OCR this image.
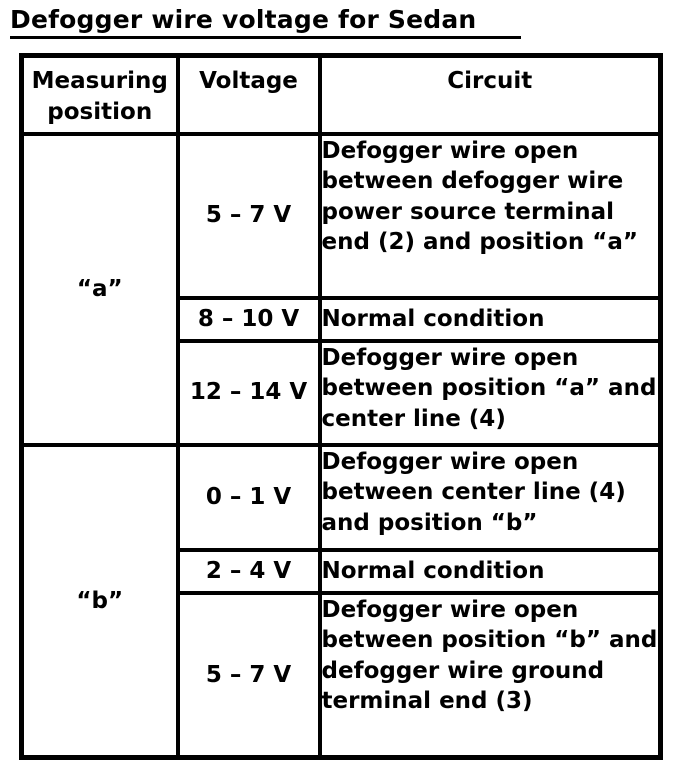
Defogger wire voltage for Sedan
Measuring position	Voltage	Circuit
“a”	5 – 7 V	Defogger wire open between defogger wire power source terminal end (2) and position “a”
	8 – 10 V	Normal condition
	12 – 14 V	Defogger wire open between position “a” and center line (4)
“b”	0 – 1 V	Defogger wire open between center line (4) and position “b”
	2 – 4 V	Normal condition
	5 – 7 V	Defogger wire open between position “b” and defogger wire ground terminal end (3)
